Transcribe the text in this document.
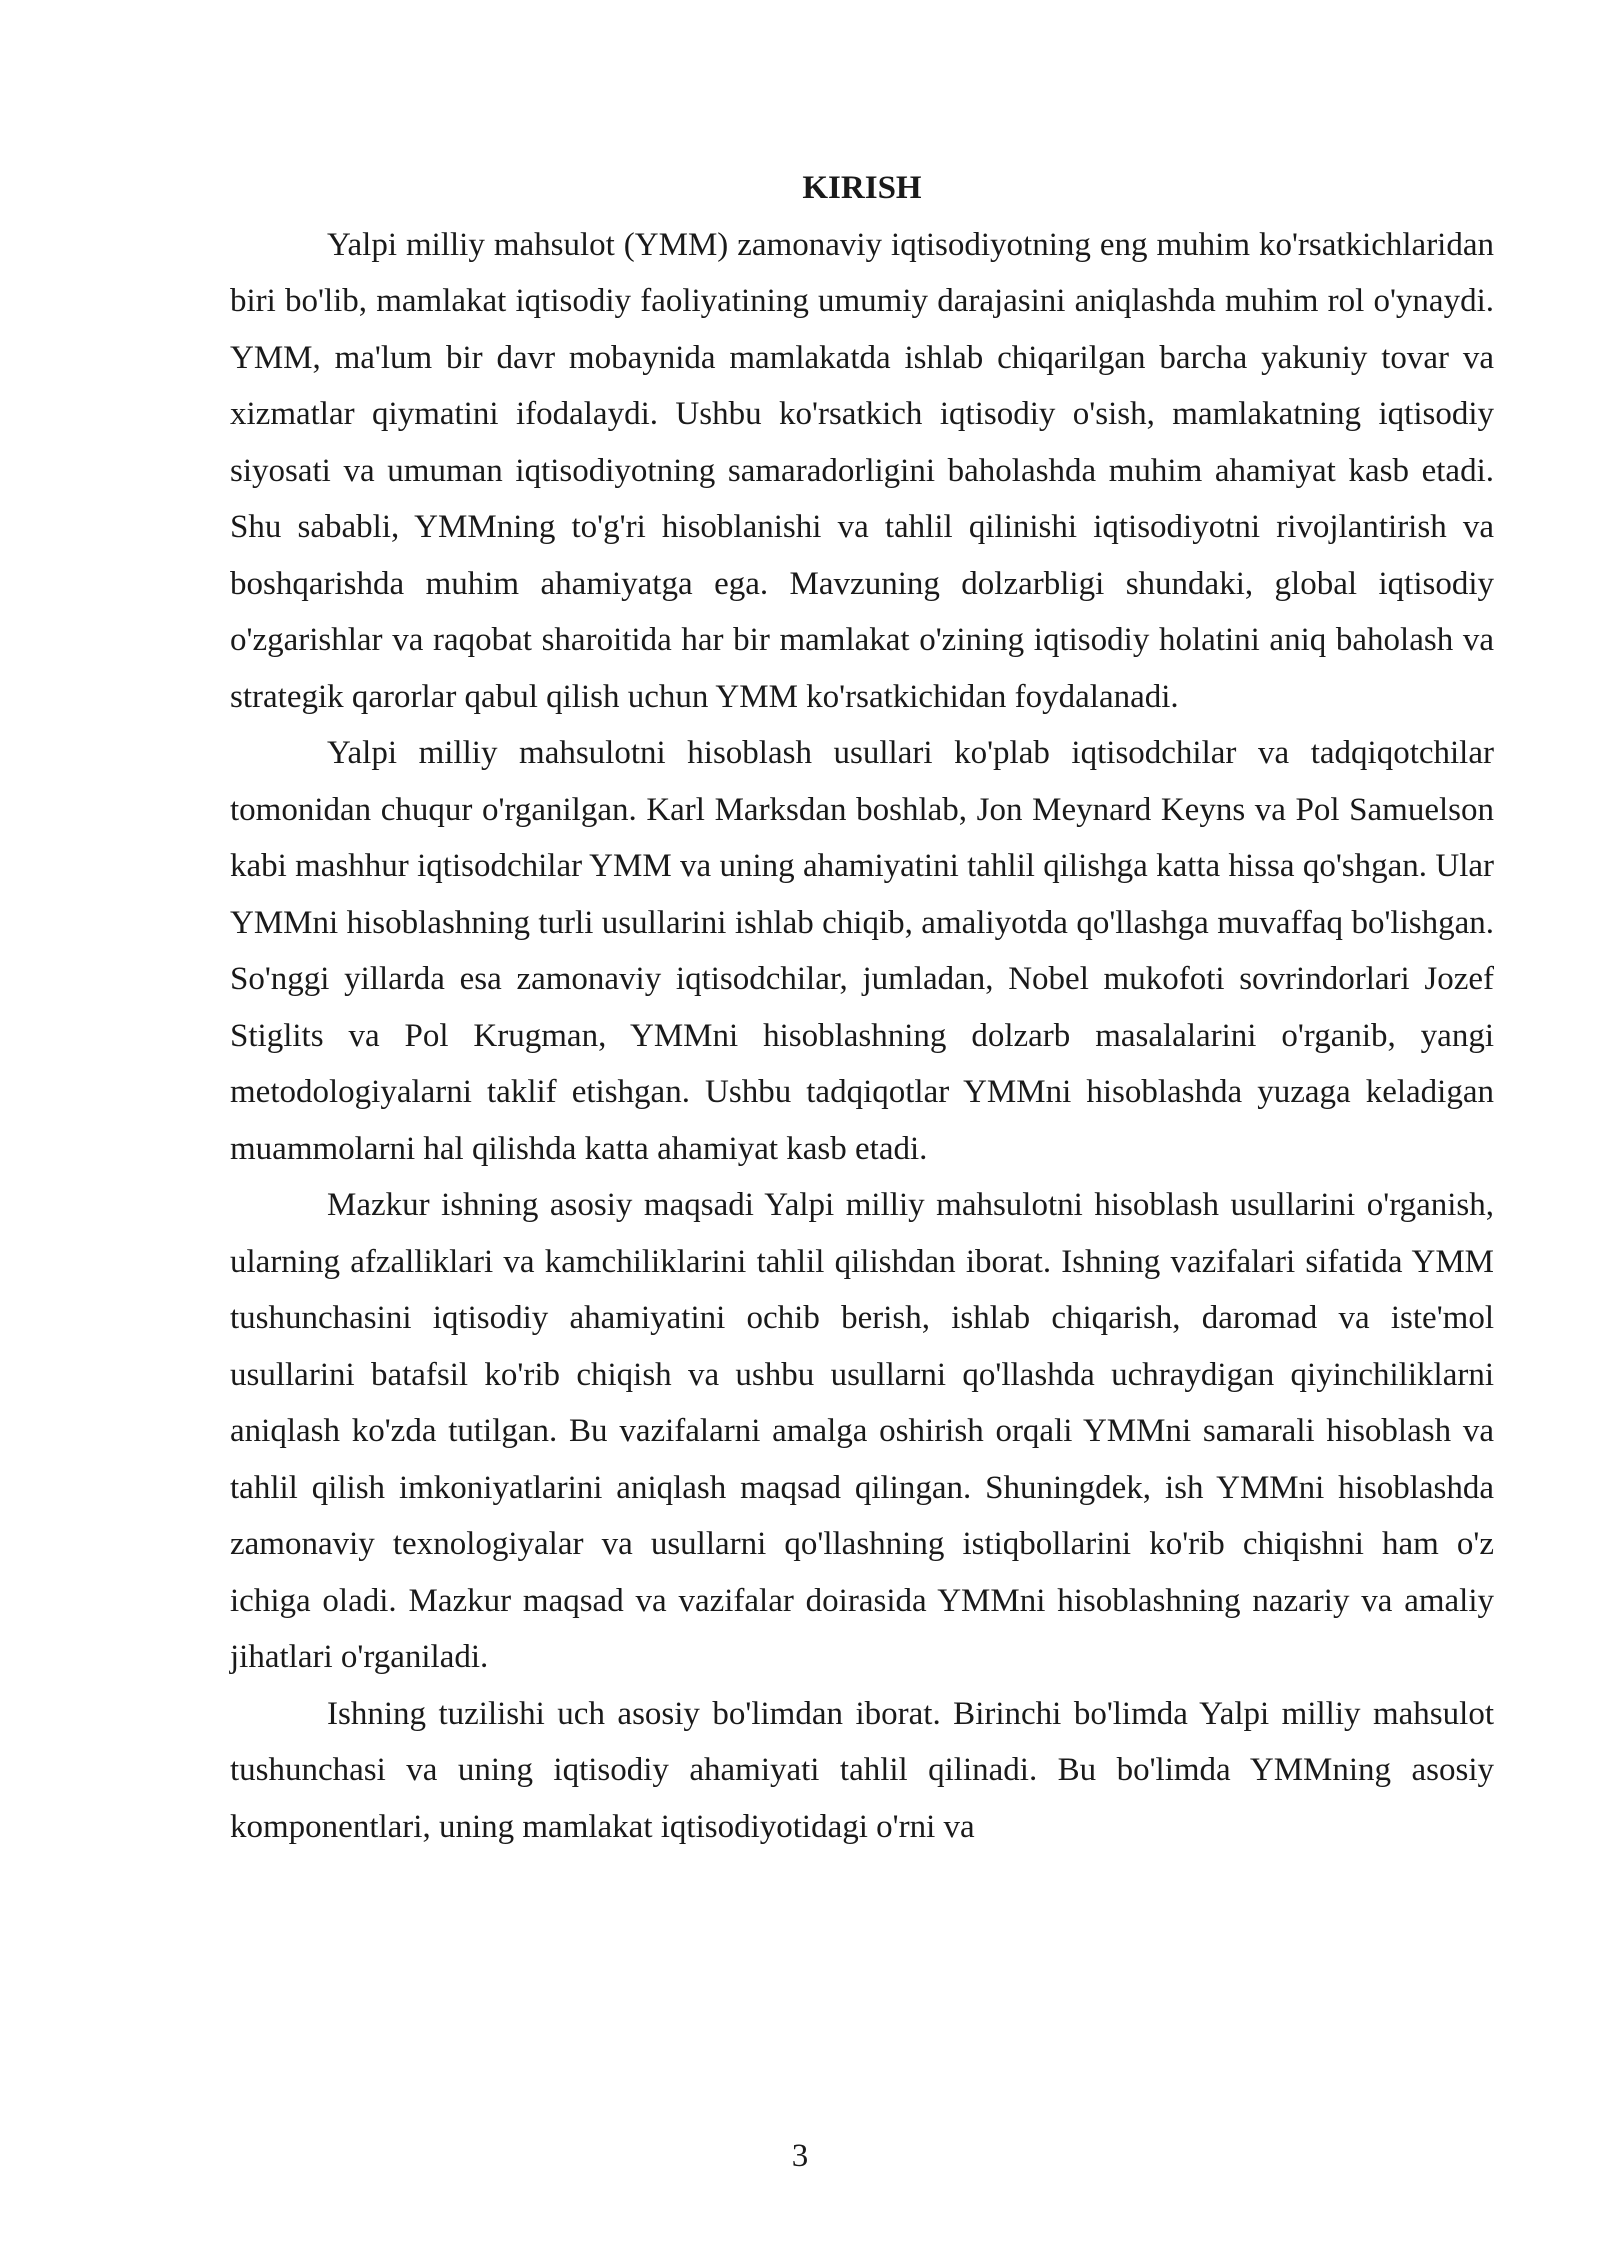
KIRISH

Yalpi milliy mahsulot (YMM) zamonaviy iqtisodiyotning eng muhim ko'rsatkichlaridan biri bo'lib, mamlakat iqtisodiy faoliyatining umumiy darajasini aniqlashda muhim rol o'ynaydi. YMM, ma'lum bir davr mobaynida mamlakatda ishlab chiqarilgan barcha yakuniy tovar va xizmatlar qiymatini ifodalaydi. Ushbu ko'rsatkich iqtisodiy o'sish, mamlakatning iqtisodiy siyosati va umuman iqtisodiyotning samaradorligini baholashda muhim ahamiyat kasb etadi. Shu sababli, YMMning to'g'ri hisoblanishi va tahlil qilinishi iqtisodiyotni rivojlantirish va boshqarishda muhim ahamiyatga ega. Mavzuning dolzarbligi shundaki, global iqtisodiy o'zgarishlar va raqobat sharoitida har bir mamlakat o'zining iqtisodiy holatini aniq baholash va strategik qarorlar qabul qilish uchun YMM ko'rsatkichidan foydalanadi.

Yalpi milliy mahsulotni hisoblash usullari ko'plab iqtisodchilar va tadqiqotchilar tomonidan chuqur o'rganilgan. Karl Marksdan boshlab, Jon Meynard Keyns va Pol Samuelson kabi mashhur iqtisodchilar YMM va uning ahamiyatini tahlil qilishga katta hissa qo'shgan. Ular YMMni hisoblashning turli usullarini ishlab chiqib, amaliyotda qo'llashga muvaffaq bo'lishgan. So'nggi yillarda esa zamonaviy iqtisodchilar, jumladan, Nobel mukofoti sovrindorlari Jozef Stiglits va Pol Krugman, YMMni hisoblashning dolzarb masalalarini o'rganib, yangi metodologiyalarni taklif etishgan. Ushbu tadqiqotlar YMMni hisoblashda yuzaga keladigan muammolarni hal qilishda katta ahamiyat kasb etadi.

Mazkur ishning asosiy maqsadi Yalpi milliy mahsulotni hisoblash usullarini o'rganish, ularning afzalliklari va kamchiliklarini tahlil qilishdan iborat. Ishning vazifalari sifatida YMM tushunchasini iqtisodiy ahamiyatini ochib berish, ishlab chiqarish, daromad va iste'mol usullarini batafsil ko'rib chiqish va ushbu usullarni qo'llashda uchraydigan qiyinchiliklarni aniqlash ko'zda tutilgan. Bu vazifalarni amalga oshirish orqali YMMni samarali hisoblash va tahlil qilish imkoniyatlarini aniqlash maqsad qilingan. Shuningdek, ish YMMni hisoblashda zamonaviy texnologiyalar va usullarni qo'llashning istiqbollarini ko'rib chiqishni ham o'z ichiga oladi. Mazkur maqsad va vazifalar doirasida YMMni hisoblashning nazariy va amaliy jihatlari o'rganiladi.

Ishning tuzilishi uch asosiy bo'limdan iborat. Birinchi bo'limda Yalpi milliy mahsulot tushunchasi va uning iqtisodiy ahamiyati tahlil qilinadi. Bu bo'limda YMMning asosiy komponentlari, uning mamlakat iqtisodiyotidagi o'rni va

3
